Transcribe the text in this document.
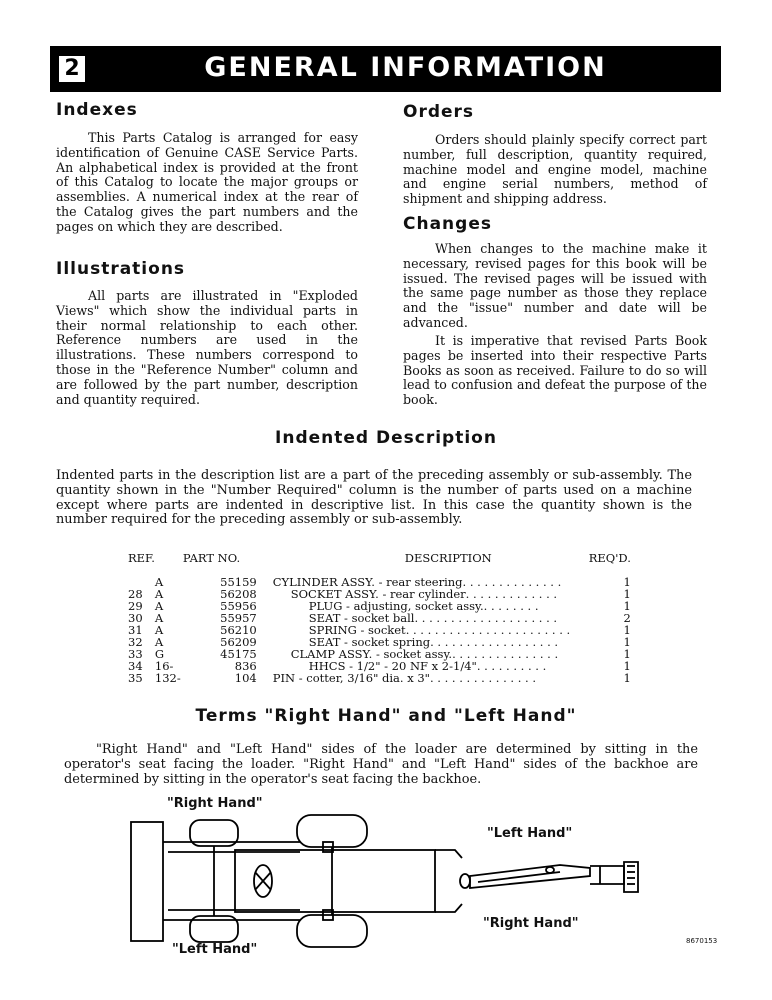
2	GENERAL INFORMATION
Indexes
This Parts Catalog is arranged for easy identification of Genuine CASE Service Parts. An alphabetical index is provided at the front of this Catalog to locate the major groups or assemblies. A numerical index at the rear of the Catalog gives the part numbers and the pages on which they are described.
Illustrations
All parts are illustrated in "Exploded Views" which show the individual parts in their normal relationship to each other. Reference numbers are used in the illustrations. These numbers correspond to those in the "Reference Number" column and are followed by the part number, description and quantity required.
Orders
Orders should plainly specify correct part number, full description, quantity required, machine model and engine model, machine and engine serial numbers, method of shipment and shipping address.
Changes
When changes to the machine make it necessary, revised pages for this book will be issued. The revised pages will be issued with the same page number as those they replace and the "issue" number and date will be advanced.
It is imperative that revised Parts Book pages be inserted into their respective Parts Books as soon as received. Failure to do so will lead to confusion and defeat the purpose of the book.
Indented Description
Indented parts in the description list are a part of the preceding assembly or sub-assembly. The quantity shown in the "Number Required" column is the number of parts used on a machine except where parts are indented in descriptive list. In this case the quantity shown is the number required for the preceding assembly or sub-assembly.
REF.	PART NO.		DESCRIPTION	REQ'D.
	A	55159	CYLINDER ASSY. - rear steering. . . . . . . . . . . . . .	1
28	A	56208	SOCKET ASSY. - rear cylinder. . . . . . . . . . . . .	1
29	A	55956	PLUG - adjusting, socket assy.. . . . . . . .	1
30	A	55957	SEAT - socket ball. . . . . . . . . . . . . . . . . . . .	2
31	A	56210	SPRING - socket. . . . . . . . . . . . . . . . . . . . . . .	1
32	A	56209	SEAT - socket spring. . . . . . . . . . . . . . . . . .	1
33	G	45175	CLAMP ASSY. - socket assy.. . . . . . . . . . . . . . .	1
34	16-	836	HHCS - 1/2" - 20 NF x 2-1/4". . . . . . . . . .	1
35	132-	104	PIN - cotter, 3/16" dia. x 3". . . . . . . . . . . . . . .	1
Terms "Right Hand" and "Left Hand"
"Right Hand" and "Left Hand" sides of the loader are determined by sitting in the operator's seat facing the loader. "Right Hand" and "Left Hand" sides of the backhoe are determined by sitting in the operator's seat facing the backhoe.
"Right Hand"
"Left Hand"
"Right Hand"
"Left Hand"
8670153
